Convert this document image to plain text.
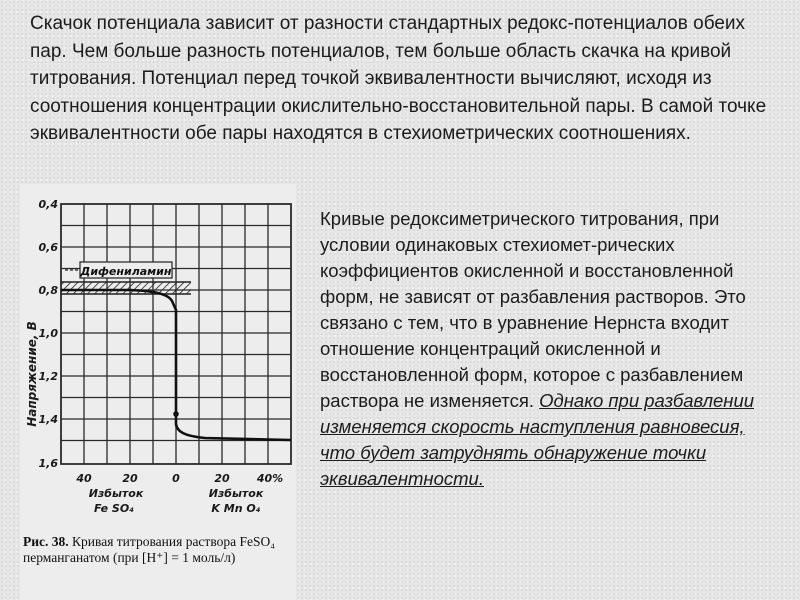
Скачок потенциала зависит от разности стандартных редокс-потенциалов обеих пар. Чем больше разность потенциалов, тем больше область скачка на кривой титрования. Потенциал перед точкой эквивалентности вычисляют, исходя из соотношения концентрации окислительно-восстановительной пары. В самой точке эквивалентности обе пары находятся в стехиометрических соотношениях.

Дифениламин
0,4
0,6
0,8
1,0
1,2
1,4
1,6
40	20	0	20 40%
Избыток
Fe SO₄
Избыток
K Mn O₄
Напряжение, В
Рис. 38. Кривая титрования раствора FeSO₄ перманганатом (при [H⁺] = 1 моль/л)

Кривые редоксиметрического титрования, при условии одинаковых стехиомет-рических коэффициентов окисленной и восстановленной форм, не зависят от разбавления растворов. Это связано с тем, что в уравнение Нернста входит отношение концентраций окисленной и восстановленной форм, которое с разбавлением раствора не изменяется. Однако при разбавлении изменяется скорость наступления равновесия, что будет затруднять обнаружение точки эквивалентности.
